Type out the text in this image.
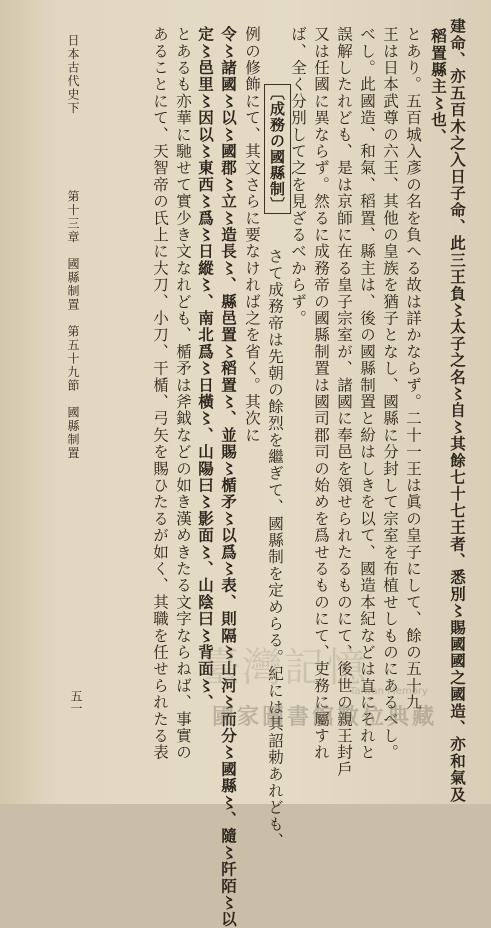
建命、亦五百木之入日子命、此三王負〻太子之名〻自〻其餘七十七王者、悉別〻賜國國之國造、亦和氣及
稻置縣主〻也、
とあり。五百城入彥の名を負へる故は詳かならず。二十一王は眞の皇子にして、餘の五十九
王は日本武尊の六王、其他の皇族を猶子となし、國縣に分封して宗室を布植せしものにあるべし。
べし。此國造、和氣、稻置、縣主は、後の國縣制置と紛はしきを以て、國造本紀などは直にそれと
誤解したれども、是は京師に在る皇子宗室が、諸國に奉邑を領せられたるものにて、後世の親王封戶
又は任國に異ならず。然るに成務帝の國縣制置は國司郡司の始めを爲せるものにて、吏務に屬すれ
ば、全く分別して之を見ざるべからず。
〔成務の國縣制〕
さて成務帝は先朝の餘烈を繼ぎて、國縣制を定めらる。紀には其詔勅あれども、
例の修飾にて、其文さらに要なければ之を省く。其次に
令〻諸國〻以〻國郡〻立〻造長〻、縣邑置〻稻置〻、並賜〻楯矛〻以爲〻表、則隔〻山河〻而分〻國縣〻、隨〻阡陌〻以
定〻邑里〻因以〻東西〻爲〻日縱〻、南北爲〻日橫〻、山陽曰〻影面〻、山陰曰〻背面〻、
とあるも亦華に馳せて實少き文なれども、楯矛は斧鉞などの如き漢めきたる文字ならねば、事實の
あることにて、天智帝の氏上に大刀、小刀、干楯、弓矢を賜ひたるが如く、其職を任せられたる表
日本古代史下
第十三章　國縣制置　第五十九節　國縣制置
五一
臺灣記憶
Taiwan Memory
國家圖書館數位典藏
